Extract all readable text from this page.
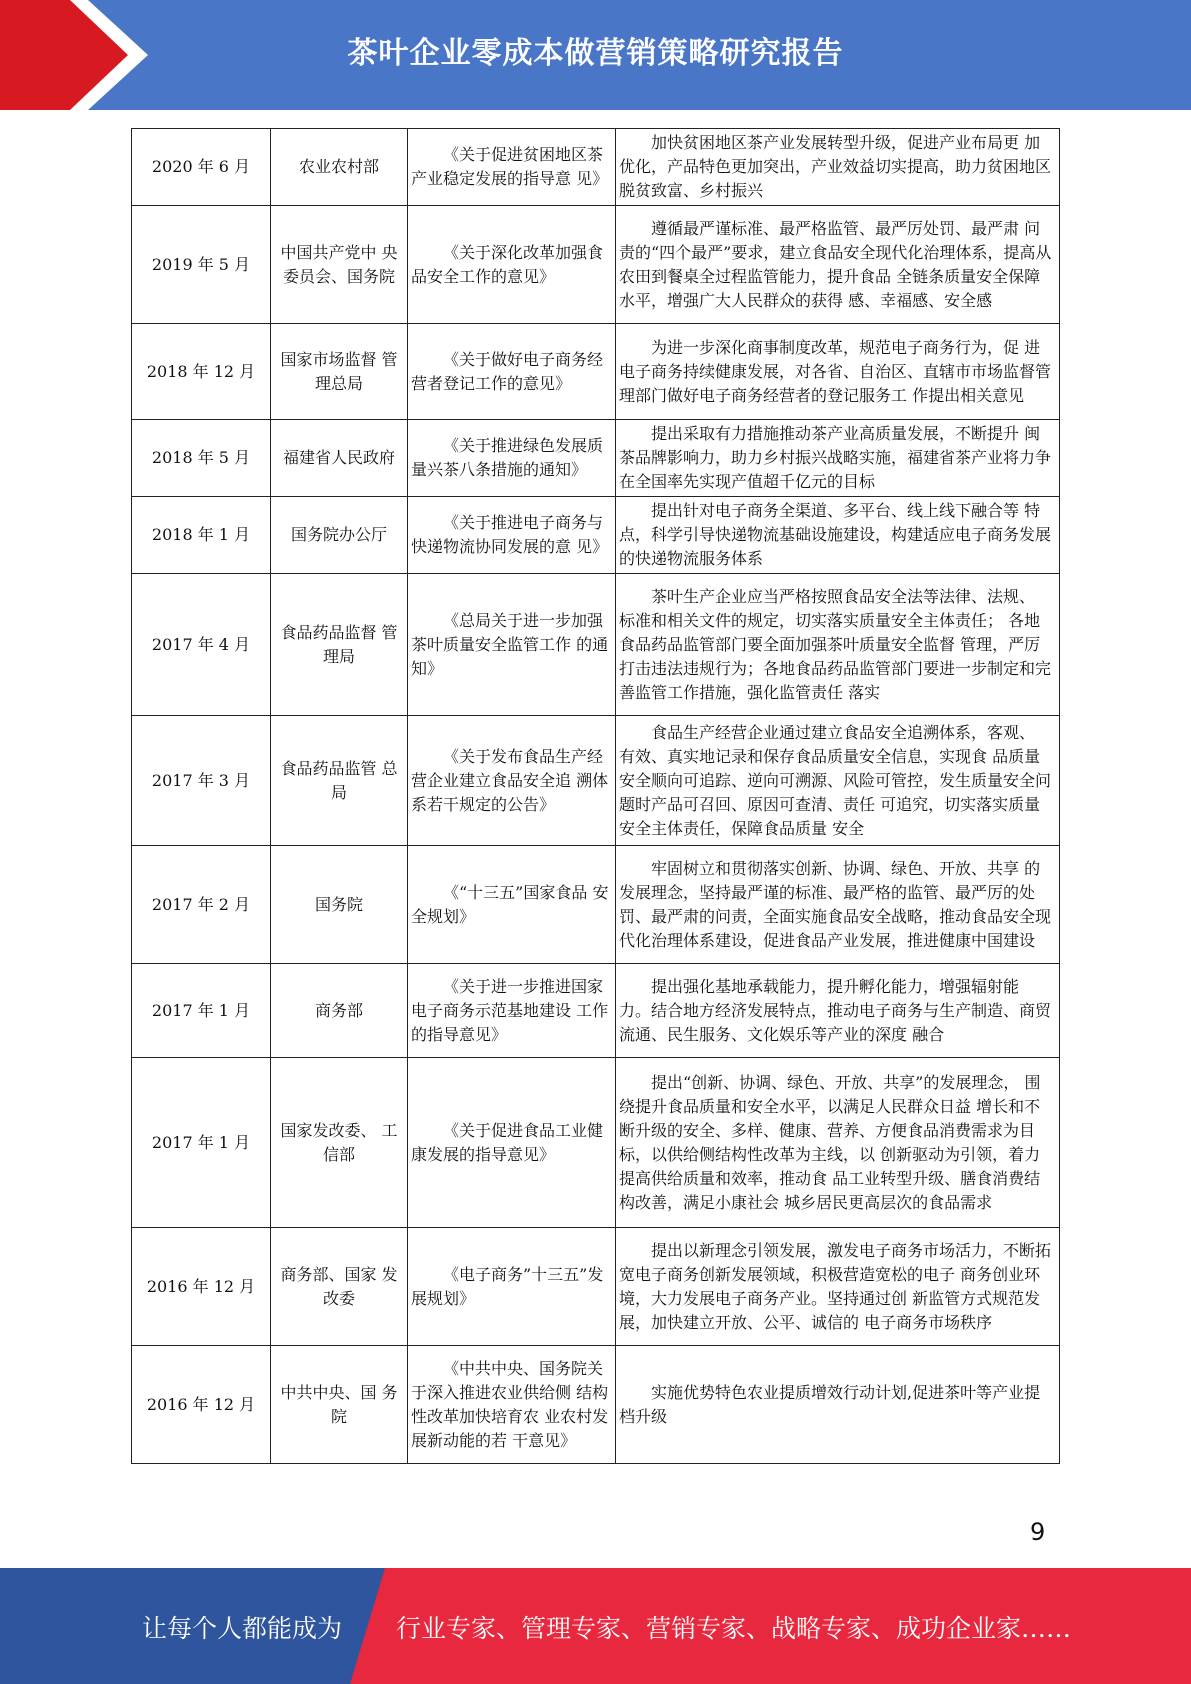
茶叶企业零成本做营销策略研究报告
2020 年 6 月	农业农村部	《关于促进贫困地区茶 产业稳定发展的指导意 见》	加快贫困地区茶产业发展转型升级，促进产业布局更 加优化，产品特色更加突出，产业效益切实提高，助力贫困地区脱贫致富、乡村振兴
2019 年 5 月	中国共产党中 央委员会、国务院	《关于深化改革加强食 品安全工作的意见》	遵循最严谨标准、最严格监管、最严厉处罚、最严肃 问责的“四个最严”要求，建立食品安全现代化治理体系，提高从农田到餐桌全过程监管能力，提升食品 全链条质量安全保障水平，增强广大人民群众的获得 感、幸福感、安全感
2018 年 12 月	国家市场监督 管理总局	《关于做好电子商务经 营者登记工作的意见》	为进一步深化商事制度改革，规范电子商务行为，促 进电子商务持续健康发展，对各省、自治区、直辖市市场监督管理部门做好电子商务经营者的登记服务工 作提出相关意见
2018 年 5 月	福建省人民政府	《关于推进绿色发展质 量兴茶八条措施的通知》	提出采取有力措施推动茶产业高质量发展，不断提升 闽茶品牌影响力，助力乡村振兴战略实施，福建省茶产业将力争在全国率先实现产值超千亿元的目标
2018 年 1 月	国务院办公厅	《关于推进电子商务与 快递物流协同发展的意 见》	提出针对电子商务全渠道、多平台、线上线下融合等 特点，科学引导快递物流基础设施建设，构建适应电子商务发展的快递物流服务体系
2017 年 4 月	食品药品监督 管理局	《总局关于进一步加强 茶叶质量安全监管工作 的通知》	茶叶生产企业应当严格按照食品安全法等法律、法规、 标准和相关文件的规定，切实落实质量安全主体责任； 各地食品药品监管部门要全面加强茶叶质量安全监督 管理，严厉打击违法违规行为；各地食品药品监管部门要进一步制定和完善监管工作措施，强化监管责任 落实
2017 年 3 月	食品药品监管 总局	《关于发布食品生产经 营企业建立食品安全追 溯体系若干规定的公告》	食品生产经营企业通过建立食品安全追溯体系，客观、 有效、真实地记录和保存食品质量安全信息，实现食 品质量安全顺向可追踪、逆向可溯源、风险可管控，发生质量安全问题时产品可召回、原因可查清、责任 可追究，切实落实质量安全主体责任，保障食品质量 安全
2017 年 2 月	国务院	《“十三五”国家食品 安全规划》	牢固树立和贯彻落实创新、协调、绿色、开放、共享 的发展理念，坚持最严谨的标准、最严格的监管、最严厉的处罚、最严肃的问责，全面实施食品安全战略，推动食品安全现代化治理体系建设，促进食品产业发展，推进健康中国建设
2017 年 1 月	商务部	《关于进一步推进国家 电子商务示范基地建设 工作的指导意见》	提出强化基地承载能力，提升孵化能力，增强辐射能 力。结合地方经济发展特点，推动电子商务与生产制造、商贸流通、民生服务、文化娱乐等产业的深度 融合
2017 年 1 月	国家发改委、 工信部	《关于促进食品工业健 康发展的指导意见》	提出“创新、协调、绿色、开放、共享”的发展理念， 围绕提升食品质量和安全水平，以满足人民群众日益 增长和不断升级的安全、多样、健康、营养、方便食品消费需求为目标，以供给侧结构性改革为主线，以 创新驱动为引领，着力提高供给质量和效率，推动食 品工业转型升级、膳食消费结构改善，满足小康社会 城乡居民更高层次的食品需求
2016 年 12 月	商务部、国家 发改委	《电子商务”十三五”发展规划》	提出以新理念引领发展，激发电子商务市场活力，不断拓宽电子商务创新发展领域，积极营造宽松的电子 商务创业环境，大力发展电子商务产业。坚持通过创 新监管方式规范发展，加快建立开放、公平、诚信的 电子商务市场秩序
2016 年 12 月	中共中央、国 务院	《中共中央、国务院关 于深入推进农业供给侧 结构性改革加快培育农 业农村发展新动能的若 干意见》	实施优势特色农业提质增效行动计划,促进茶叶等产业提档升级
9
让每个人都能成为 行业专家、管理专家、营销专家、战略专家、成功企业家……
